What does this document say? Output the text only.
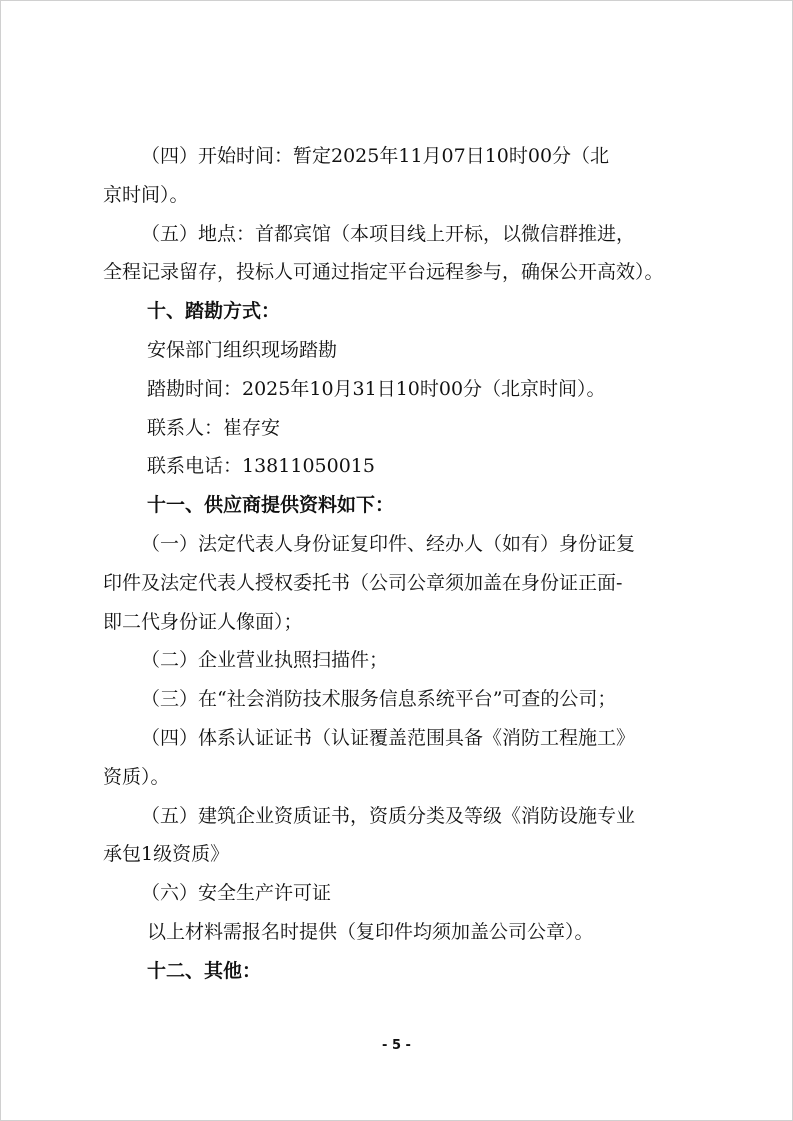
（四）开始时间：暂定2025年11月07日10时00分（北
京时间）。
（五）地点：首都宾馆（本项目线上开标，以微信群推进，
全程记录留存，投标人可通过指定平台远程参与，确保公开高效）。
十、踏勘方式：
安保部门组织现场踏勘
踏勘时间：2025年10月31日10时00分（北京时间）。
联系人：崔存安
联系电话：13811050015
十一、供应商提供资料如下：
（一）法定代表人身份证复印件、经办人（如有）身份证复
印件及法定代表人授权委托书（公司公章须加盖在身份证正面-
即二代身份证人像面）；
（二）企业营业执照扫描件；
（三）在“社会消防技术服务信息系统平台”可查的公司；
（四）体系认证证书（认证覆盖范围具备《消防工程施工》
资质）。
（五）建筑企业资质证书，资质分类及等级《消防设施专业
承包1级资质》
（六）安全生产许可证
以上材料需报名时提供（复印件均须加盖公司公章）。
十二、其他：
- 5 -
